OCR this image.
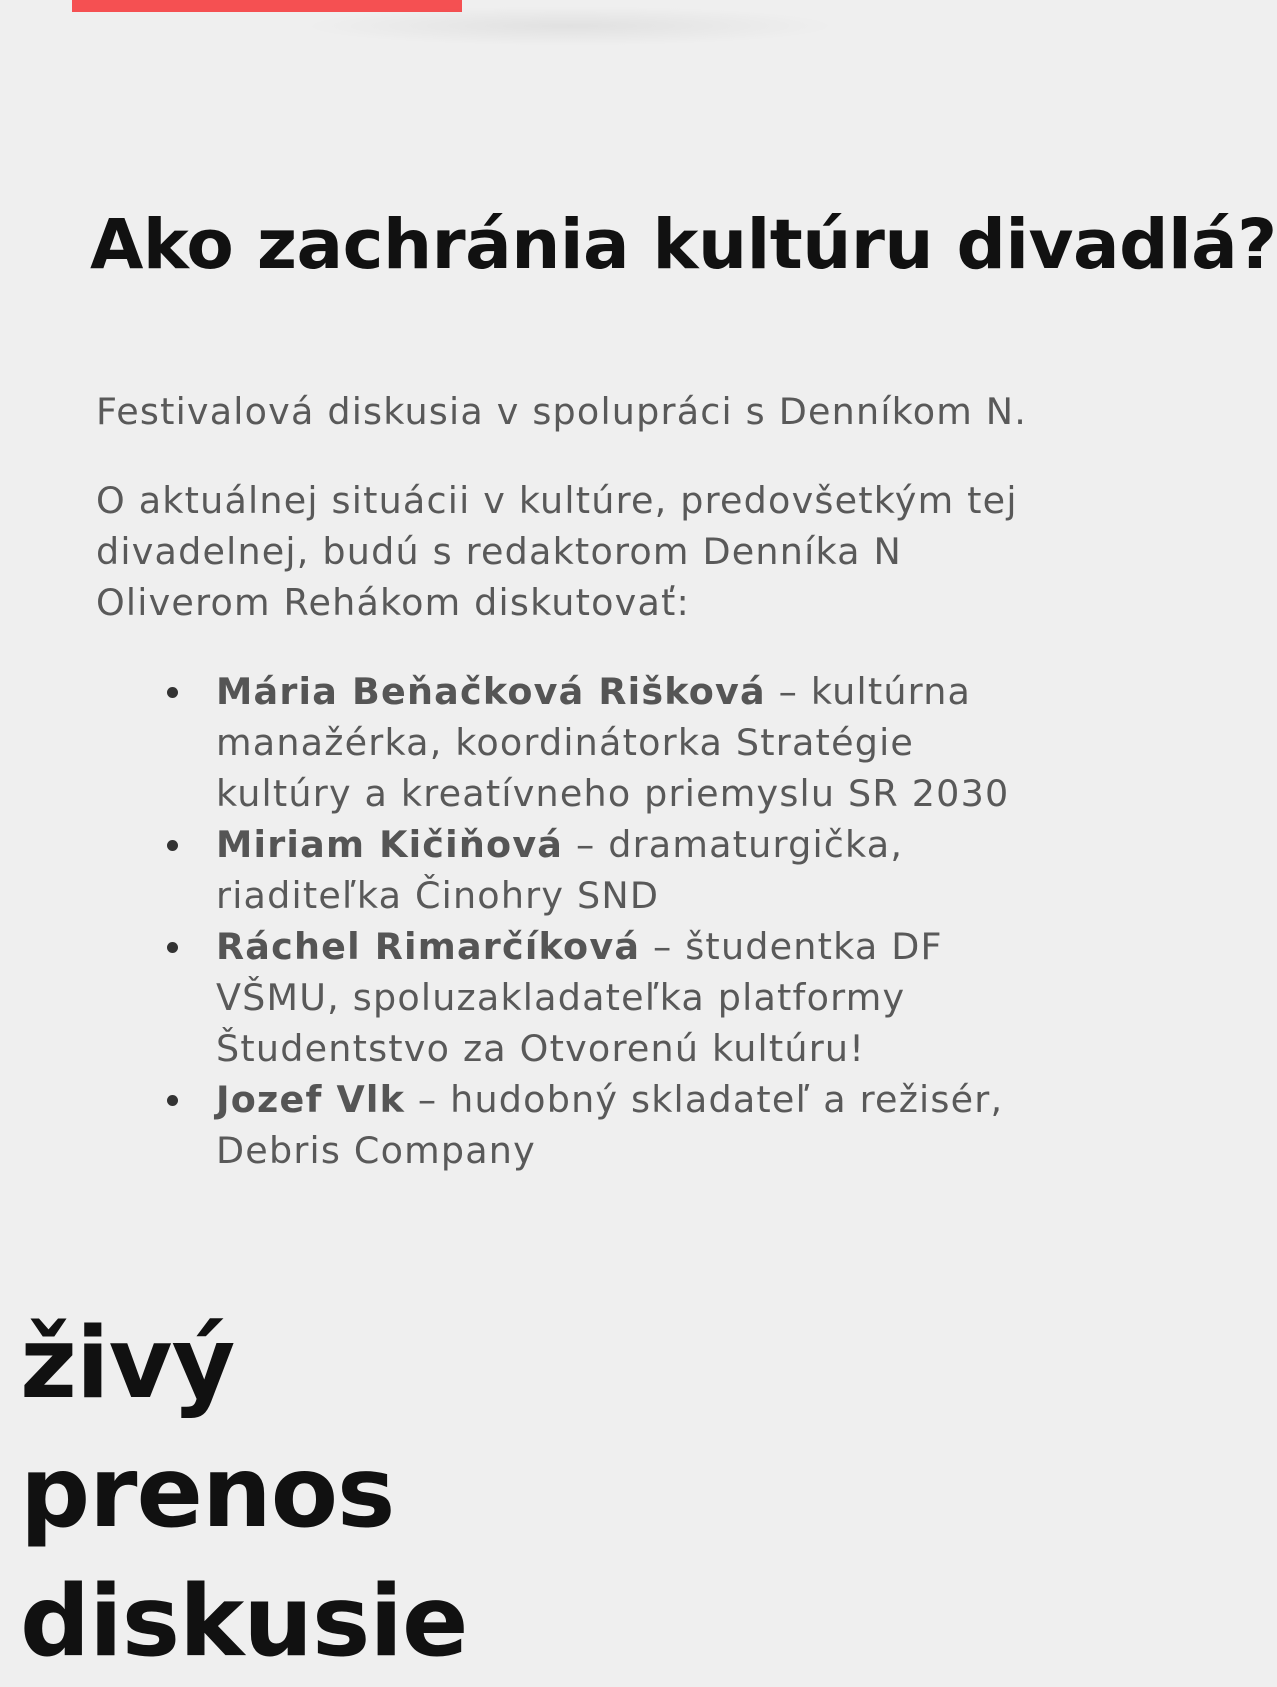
Ako zachránia kultúru divadlá?

Festivalová diskusia v spolupráci s Denníkom N.

O aktuálnej situácii v kultúre, predovšetkým tej divadelnej, budú s redaktorom Denníka N Oliverom Rehákom diskutovať:

Mária Beňačková Rišková – kultúrna manažérka, koordinátorka Stratégie kultúry a kreatívneho priemyslu SR 2030
Miriam Kičiňová – dramaturgička, riaditeľka Činohry SND
Ráchel Rimarčíková – študentka DF VŠMU, spoluzakladateľka platformy Študentstvo za Otvorenú kultúru!
Jozef Vlk – hudobný skladateľ a režisér, Debris Company
živý
prenos
diskusie
